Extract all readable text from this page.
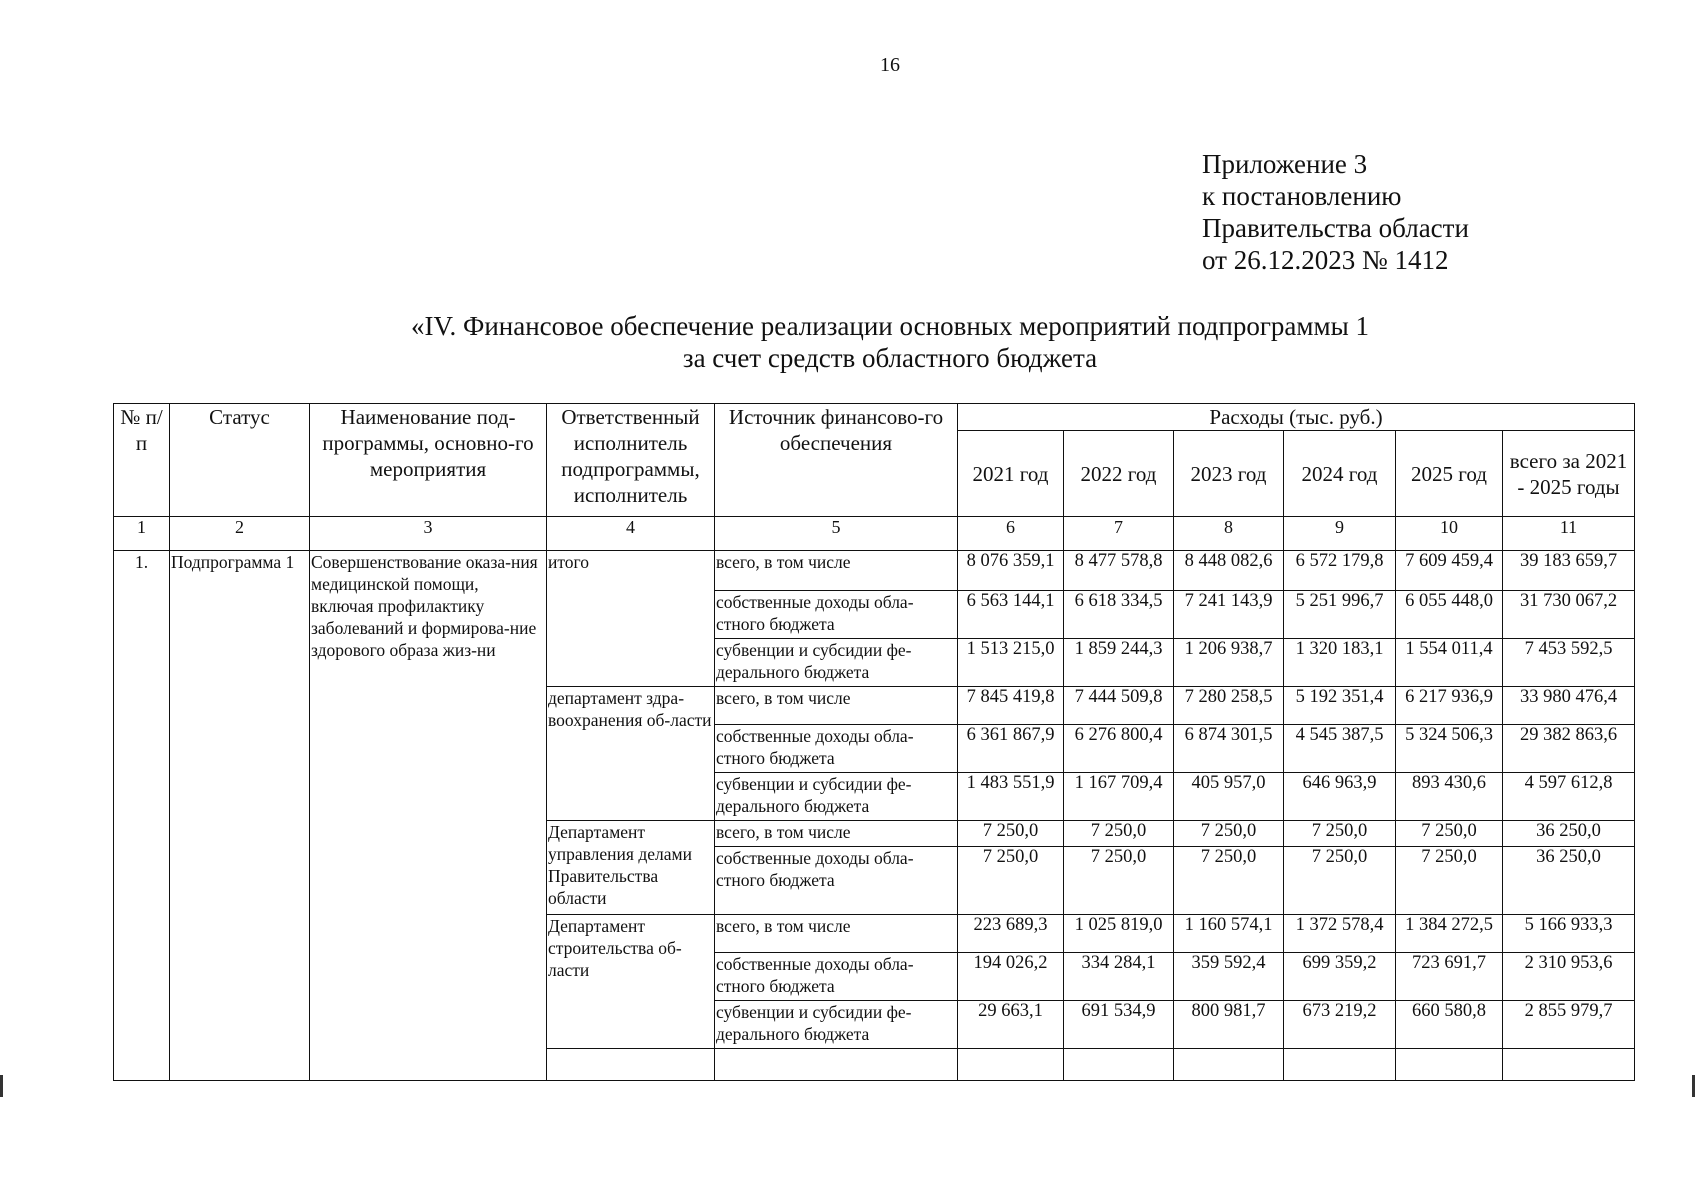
16
Приложение 3
к постановлению
Правительства области
от 26.12.2023 № 1412
«IV. Финансовое обеспечение реализации основных мероприятий подпрограммы 1
за счет средств областного бюджета
№ п/п	Статус	Наименование под-программы, основно-го мероприятия	Ответственный исполнитель подпрограммы, исполнитель	Источник финансово-го обеспечения	Расходы (тыс. руб.)					
					2021 год	2022 год	2023 год	2024 год	2025 год	всего за 2021 - 2025 годы
1	2	3	4	5	6	7	8	9	10	11
1.	Подпрограмма 1	Совершенствование оказа-ния медицинской помощи, включая профилактику заболеваний и формирова-ние здорового образа жиз-ни	итого	всего, в том числе	8 076 359,1	8 477 578,8	8 448 082,6	6 572 179,8	7 609 459,4	39 183 659,7
				собственные доходы обла-стного бюджета	6 563 144,1	6 618 334,5	7 241 143,9	5 251 996,7	6 055 448,0	31 730 067,2
				субвенции и субсидии фе-дерального бюджета	1 513 215,0	1 859 244,3	1 206 938,7	1 320 183,1	1 554 011,4	7 453 592,5
			департамент здра-воохранения об-ласти	всего, в том числе	7 845 419,8	7 444 509,8	7 280 258,5	5 192 351,4	6 217 936,9	33 980 476,4
				собственные доходы обла-стного бюджета	6 361 867,9	6 276 800,4	6 874 301,5	4 545 387,5	5 324 506,3	29 382 863,6
				субвенции и субсидии фе-дерального бюджета	1 483 551,9	1 167 709,4	405 957,0	646 963,9	893 430,6	4 597 612,8
			Департамент управления делами Правительства области	всего, в том числе	7 250,0	7 250,0	7 250,0	7 250,0	7 250,0	36 250,0
				собственные доходы обла-стного бюджета	7 250,0	7 250,0	7 250,0	7 250,0	7 250,0	36 250,0
			Департамент строительства об-ласти	всего, в том числе	223 689,3	1 025 819,0	1 160 574,1	1 372 578,4	1 384 272,5	5 166 933,3
				собственные доходы обла-стного бюджета	194 026,2	334 284,1	359 592,4	699 359,2	723 691,7	2 310 953,6
				субвенции и субсидии фе-дерального бюджета	29 663,1	691 534,9	800 981,7	673 219,2	660 580,8	2 855 979,7
